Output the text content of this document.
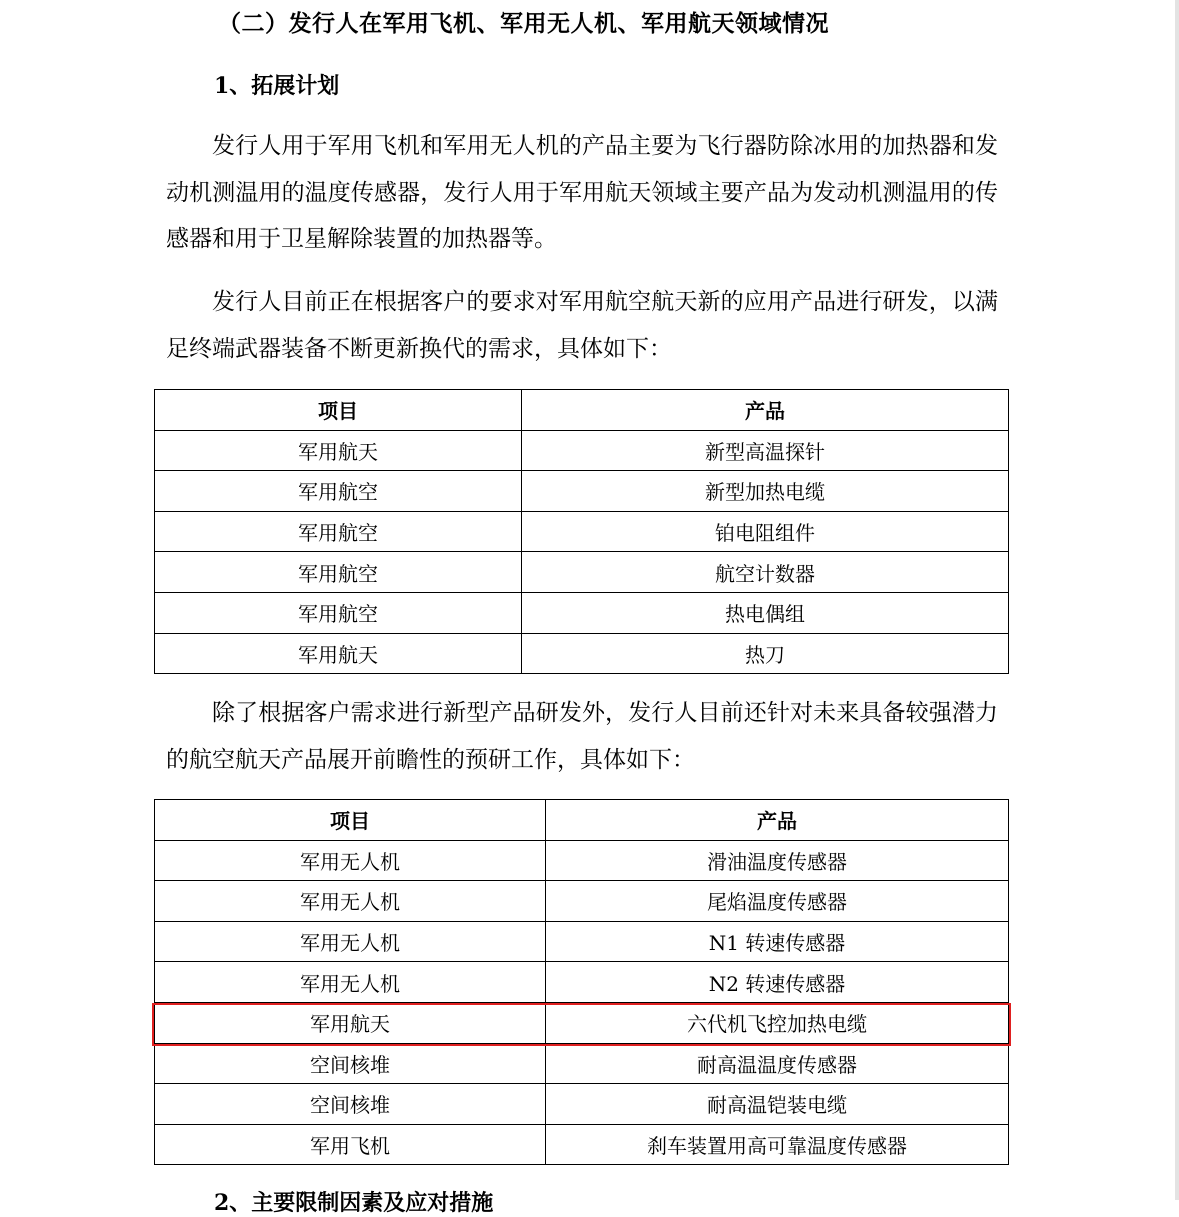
（二）发行人在军用飞机、军用无人机、军用航天领域情况
1、拓展计划

发行人用于军用飞机和军用无人机的产品主要为飞行器防除冰用的加热器和发动机测温用的温度传感器，发行人用于军用航天领域主要产品为发动机测温用的传感器和用于卫星解除装置的加热器等。

发行人目前正在根据客户的要求对军用航空航天新的应用产品进行研发，以满足终端武器装备不断更新换代的需求，具体如下：

项目	产品
军用航天	新型高温探针
军用航空	新型加热电缆
军用航空	铂电阻组件
军用航空	航空计数器
军用航空	热电偶组
军用航天	热刀

除了根据客户需求进行新型产品研发外，发行人目前还针对未来具备较强潜力的航空航天产品展开前瞻性的预研工作，具体如下：

项目	产品
军用无人机	滑油温度传感器
军用无人机	尾焰温度传感器
军用无人机	N1 转速传感器
军用无人机	N2 转速传感器
军用航天	六代机飞控加热电缆
空间核堆	耐高温温度传感器
空间核堆	耐高温铠装电缆
军用飞机	刹车装置用高可靠温度传感器
2、主要限制因素及应对措施
